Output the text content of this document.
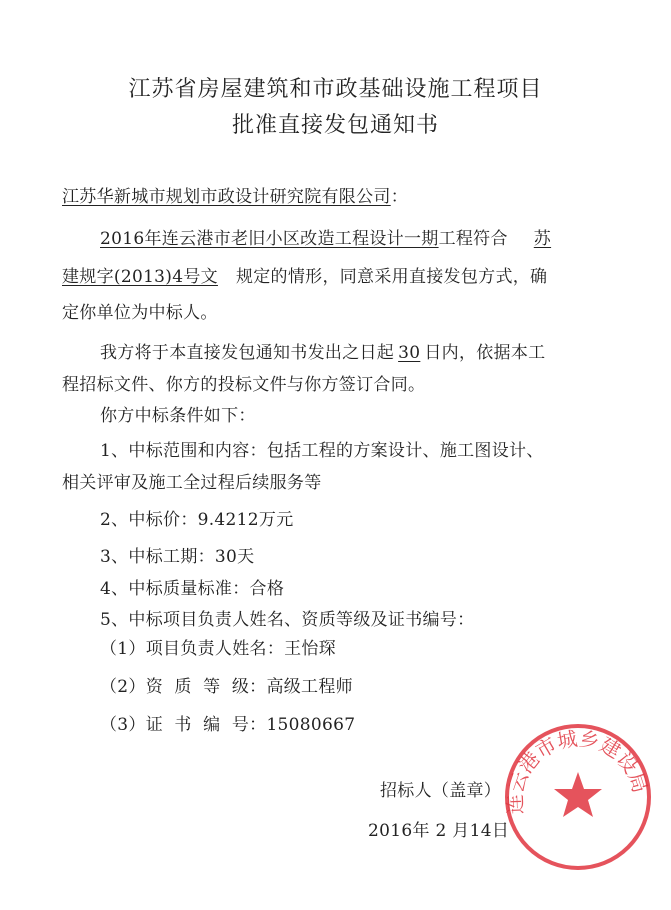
江苏省房屋建筑和市政基础设施工程项目
批准直接发包通知书
江苏华新城市规划市政设计研究院有限公司：
2016年连云港市老旧小区改造工程设计一期工程符合 苏
建规字(2013)4号文 规定的情形，同意采用直接发包方式，确
定你单位为中标人。
我方将于本直接发包通知书发出之日起 30 日内，依据本工
程招标文件、你方的投标文件与你方签订合同。
你方中标条件如下：
1、中标范围和内容：包括工程的方案设计、施工图设计、
相关评审及施工全过程后续服务等
2、中标价：9.4212万元
3、中标工期：30天
4、中标质量标准：合格
5、中标项目负责人姓名、资质等级及证书编号：
（1）项目负责人姓名：王怡琛
（2）资  质  等  级：高级工程师
（3）证  书  编  号：15080667
招标人（盖章）
2016年 2 月14日
连云港市城乡建设局
